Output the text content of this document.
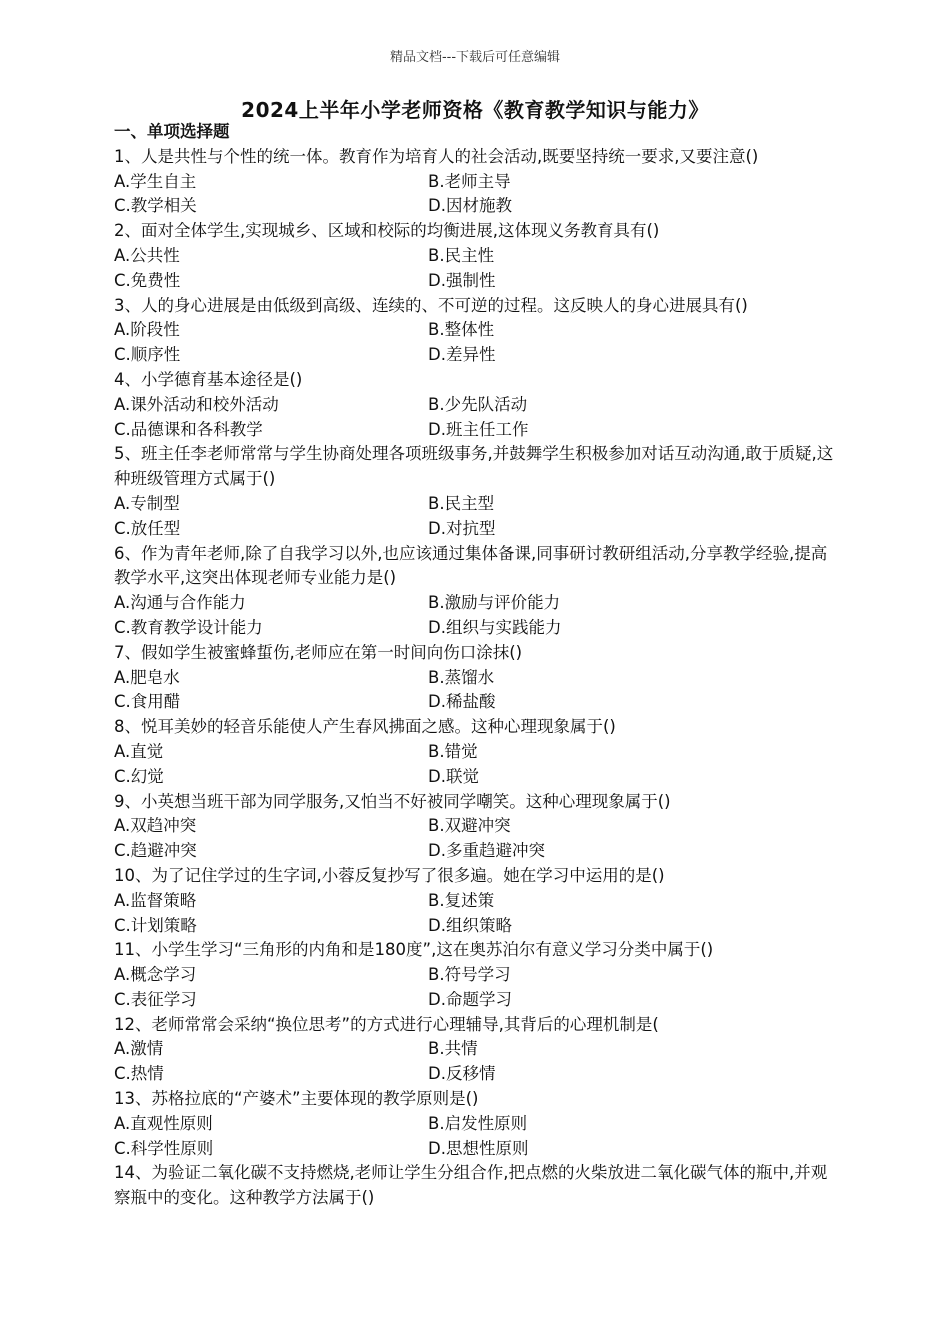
精品文档---下载后可任意编辑
2024上半年小学老师资格《教育教学知识与能力》
一、单项选择题
1、人是共性与个性的统一体。教育作为培育人的社会活动,既要坚持统一要求,又要注意()
A.学生自主	B.老师主导
C.教学相关	D.因材施教
2、面对全体学生,实现城乡、区域和校际的均衡进展,这体现义务教育具有()
A.公共性	B.民主性
C.免费性	D.强制性
3、人的身心进展是由低级到高级、连续的、不可逆的过程。这反映人的身心进展具有()
A.阶段性	B.整体性
C.顺序性	D.差异性
4、小学德育基本途径是()
A.课外活动和校外活动	B.少先队活动
C.品德课和各科教学	D.班主任工作
5、班主任李老师常常与学生协商处理各项班级事务,并鼓舞学生积极参加对话互动沟通,敢于质疑,这种班级管理方式属于()
A.专制型	B.民主型
C.放任型	D.对抗型
6、作为青年老师,除了自我学习以外,也应该通过集体备课,同事研讨教研组活动,分享教学经验,提高教学水平,这突出体现老师专业能力是()
A.沟通与合作能力	B.激励与评价能力
C.教育教学设计能力	D.组织与实践能力
7、假如学生被蜜蜂蜇伤,老师应在第一时间向伤口涂抹()
A.肥皂水	B.蒸馏水
C.食用醋	D.稀盐酸
8、悦耳美妙的轻音乐能使人产生春风拂面之感。这种心理现象属于()
A.直觉	B.错觉
C.幻觉	D.联觉
9、小英想当班干部为同学服务,又怕当不好被同学嘲笑。这种心理现象属于()
A.双趋冲突	B.双避冲突
C.趋避冲突	D.多重趋避冲突
10、为了记住学过的生字词,小蓉反复抄写了很多遍。她在学习中运用的是()
A.监督策略	B.复述策
C.计划策略	D.组织策略
11、小学生学习“三角形的内角和是180度”,这在奥苏泊尔有意义学习分类中属于()
A.概念学习	B.符号学习
C.表征学习	D.命题学习
12、老师常常会采纳“换位思考”的方式进行心理辅导,其背后的心理机制是(
A.激情	B.共情
C.热情	D.反移情
13、苏格拉底的“产婆术”主要体现的教学原则是()
A.直观性原则	B.启发性原则
C.科学性原则	D.思想性原则
14、为验证二氧化碳不支持燃烧,老师让学生分组合作,把点燃的火柴放进二氧化碳气体的瓶中,并观察瓶中的变化。这种教学方法属于()
